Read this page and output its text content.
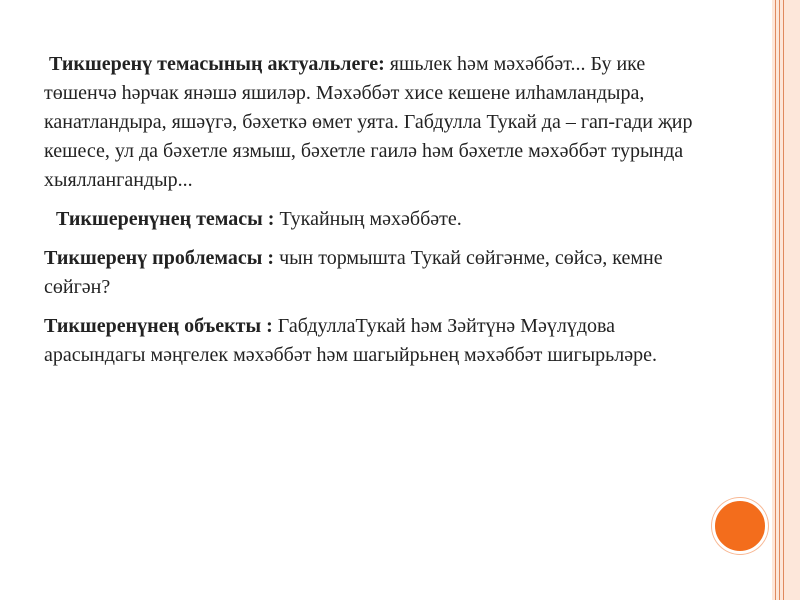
Тикшеренү темасының актуальлеге: яшьлек һәм мәхәббәт... Бу ике төшенчә һәрчак янәшә яшиләр. Мәхәббәт хисе кешене илһамландыра, канатландыра, яшәүгә, бәхеткә өмет уята. Габдулла Тукай да – гап-гади җир кешесе, ул да бәхетле язмыш, бәхетле гаилә һәм бәхетле мәхәббәт турында хыяллангандыр...

Тикшеренүнең темасы : Тукайның мәхәббәте.

Тикшеренү проблемасы : чын тормышта Тукай сөйгәнме, сөйсә, кемне сөйгән?

Тикшеренүнең объекты : ГабдуллаТукай һәм Зәйтүнә Мәүлүдова арасындагы мәңгелек мәхәббәт һәм шагыйрьнең мәхәббәт шигырьләре.
